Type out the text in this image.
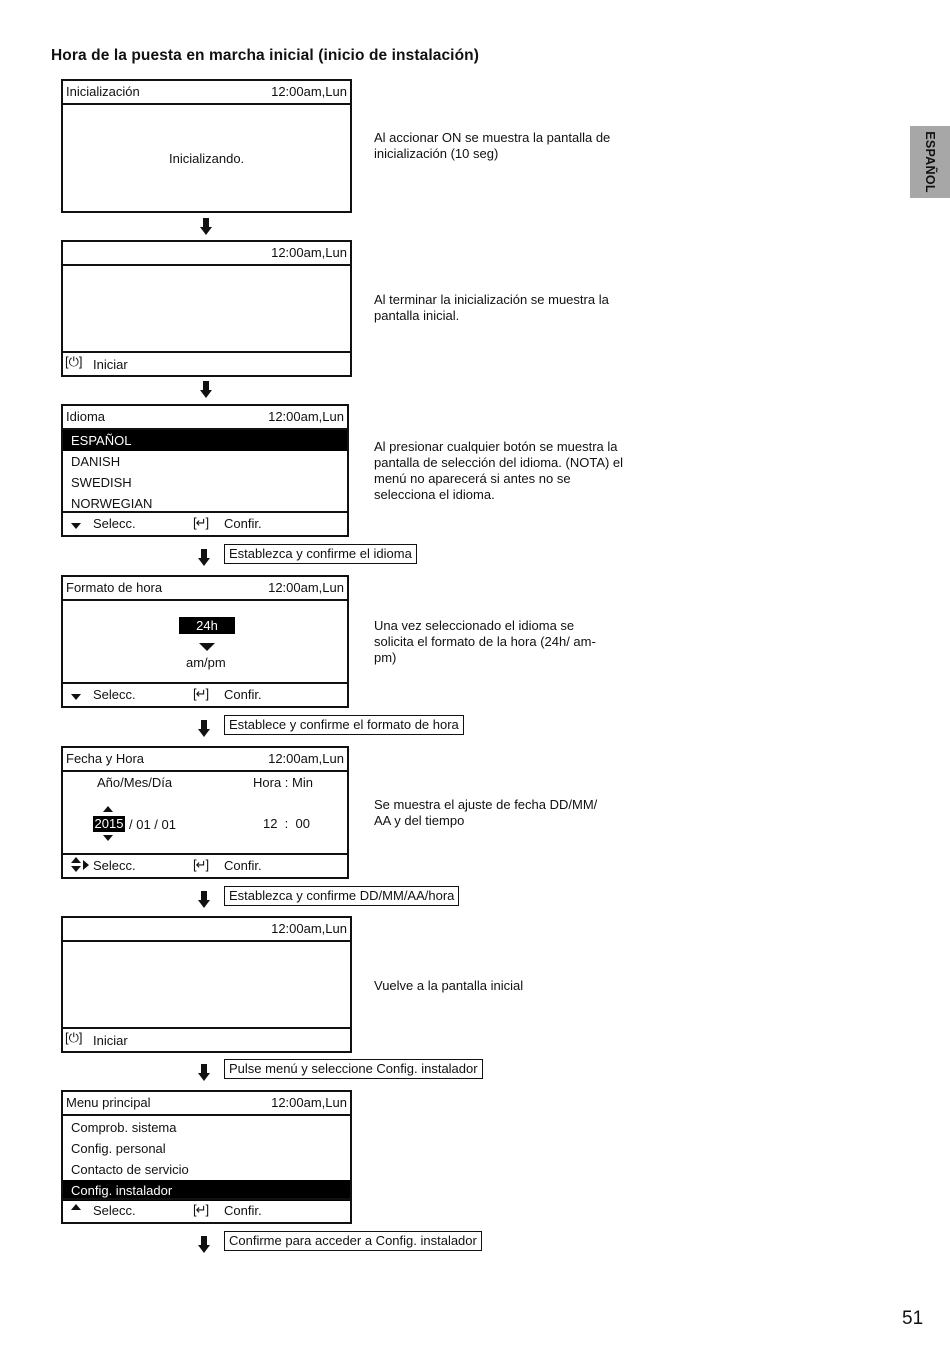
Hora de la puesta en marcha inicial (inicio de instalación)
ESPAÑOL
51
Inicialización	12:00am,Lun
Inicializando.
Al accionar ON se muestra la pantalla de inicialización (10 seg)
12:00am,Lun
[⏻] Iniciar
Al terminar la inicialización se muestra la pantalla inicial.
Idioma	12:00am,Lun
ESPAÑOL
DANISH
SWEDISH
NORWEGIAN
Selecc.	[↵] Confir.
Al presionar cualquier botón se muestra la pantalla de selección del idioma. (NOTA) el menú no aparecerá si antes no se selecciona el idioma.
Establezca y confirme el idioma
Formato de hora	12:00am,Lun
24h
am/pm
Selecc.	[↵] Confir.
Una vez seleccionado el idioma se solicita el formato de la hora (24h/ am-pm)
Establece y confirme el formato de hora
Fecha y Hora	12:00am,Lun
Año/Mes/Día	Hora : Min
2015 / 01 / 01	12  :  00
Selecc.	[↵] Confir.
Se muestra el ajuste de fecha DD/MM/ AA y del tiempo
Establezca y confirme DD/MM/AA/hora
12:00am,Lun
[⏻] Iniciar
Vuelve a la pantalla inicial
Pulse menú y seleccione Config. instalador
Menu principal	12:00am,Lun
Comprob. sistema
Config. personal
Contacto de servicio
Config. instalador
Selecc.	[↵] Confir.
Confirme para acceder a Config. instalador
